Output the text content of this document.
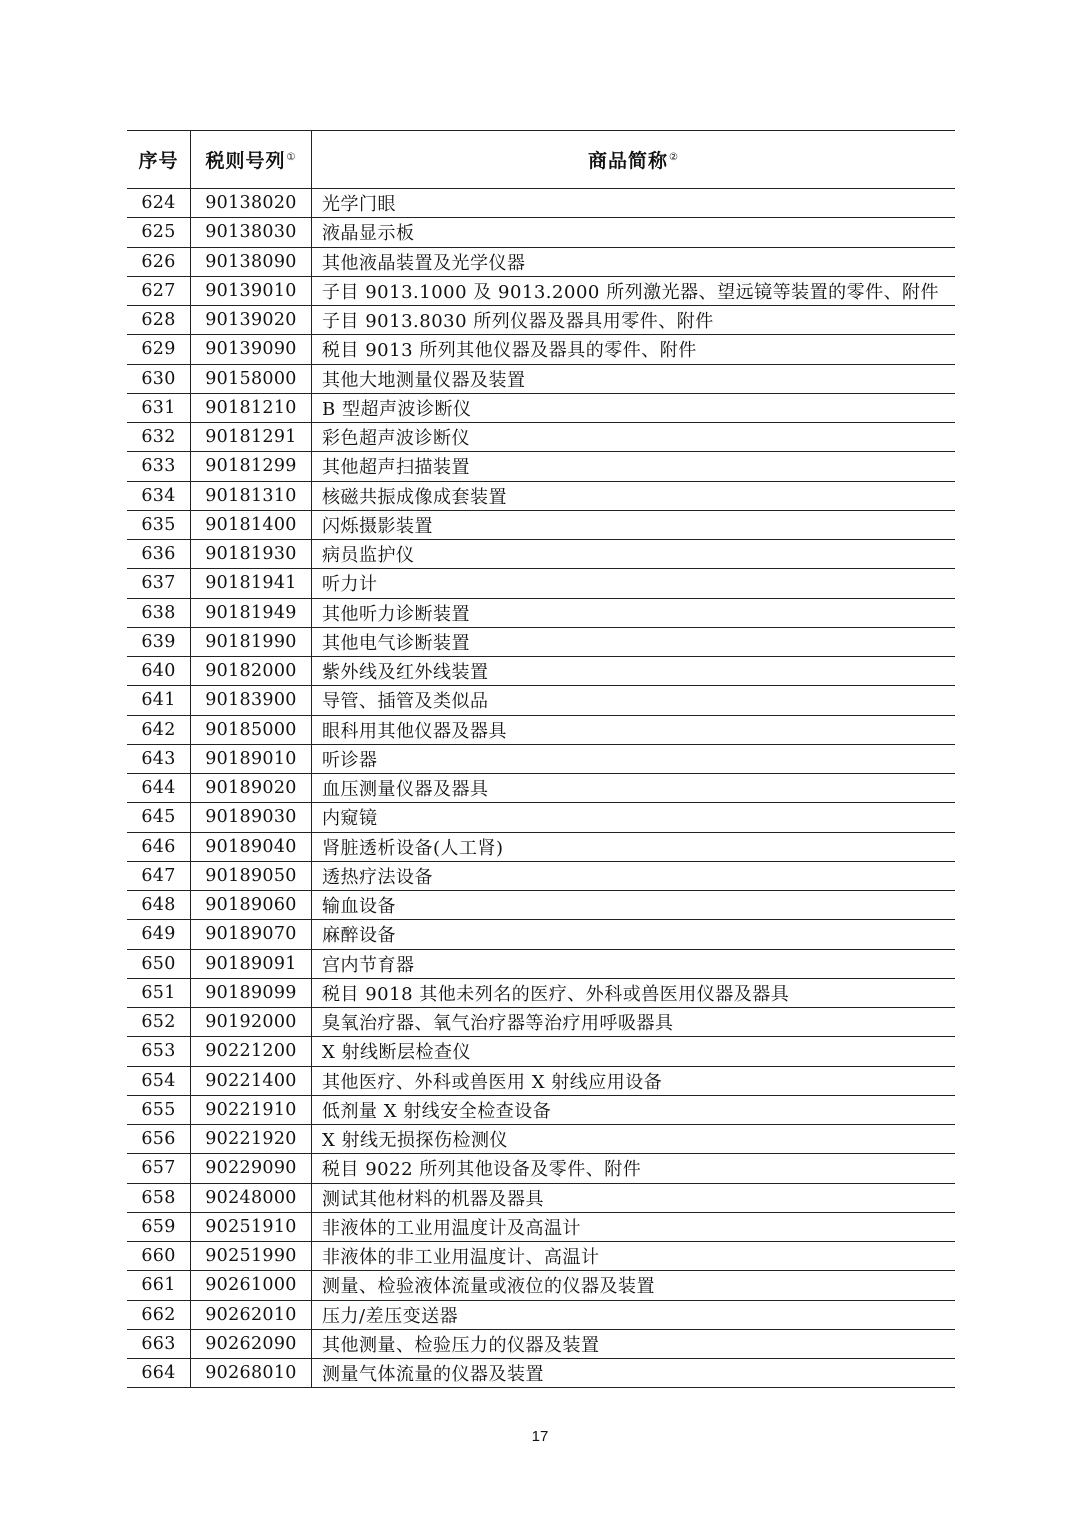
序号	税则号列①	商品简称②
624	90138020	光学门眼
625	90138030	液晶显示板
626	90138090	其他液晶装置及光学仪器
627	90139010	子目 9013.1000 及 9013.2000 所列激光器、望远镜等装置的零件、附件
628	90139020	子目 9013.8030 所列仪器及器具用零件、附件
629	90139090	税目 9013 所列其他仪器及器具的零件、附件
630	90158000	其他大地测量仪器及装置
631	90181210	B 型超声波诊断仪
632	90181291	彩色超声波诊断仪
633	90181299	其他超声扫描装置
634	90181310	核磁共振成像成套装置
635	90181400	闪烁摄影装置
636	90181930	病员监护仪
637	90181941	听力计
638	90181949	其他听力诊断装置
639	90181990	其他电气诊断装置
640	90182000	紫外线及红外线装置
641	90183900	导管、插管及类似品
642	90185000	眼科用其他仪器及器具
643	90189010	听诊器
644	90189020	血压测量仪器及器具
645	90189030	内窥镜
646	90189040	肾脏透析设备(人工肾)
647	90189050	透热疗法设备
648	90189060	输血设备
649	90189070	麻醉设备
650	90189091	宫内节育器
651	90189099	税目 9018 其他未列名的医疗、外科或兽医用仪器及器具
652	90192000	臭氧治疗器、氧气治疗器等治疗用呼吸器具
653	90221200	X 射线断层检查仪
654	90221400	其他医疗、外科或兽医用 X 射线应用设备
655	90221910	低剂量 X 射线安全检查设备
656	90221920	X 射线无损探伤检测仪
657	90229090	税目 9022 所列其他设备及零件、附件
658	90248000	测试其他材料的机器及器具
659	90251910	非液体的工业用温度计及高温计
660	90251990	非液体的非工业用温度计、高温计
661	90261000	测量、检验液体流量或液位的仪器及装置
662	90262010	压力/差压变送器
663	90262090	其他测量、检验压力的仪器及装置
664	90268010	测量气体流量的仪器及装置
17
